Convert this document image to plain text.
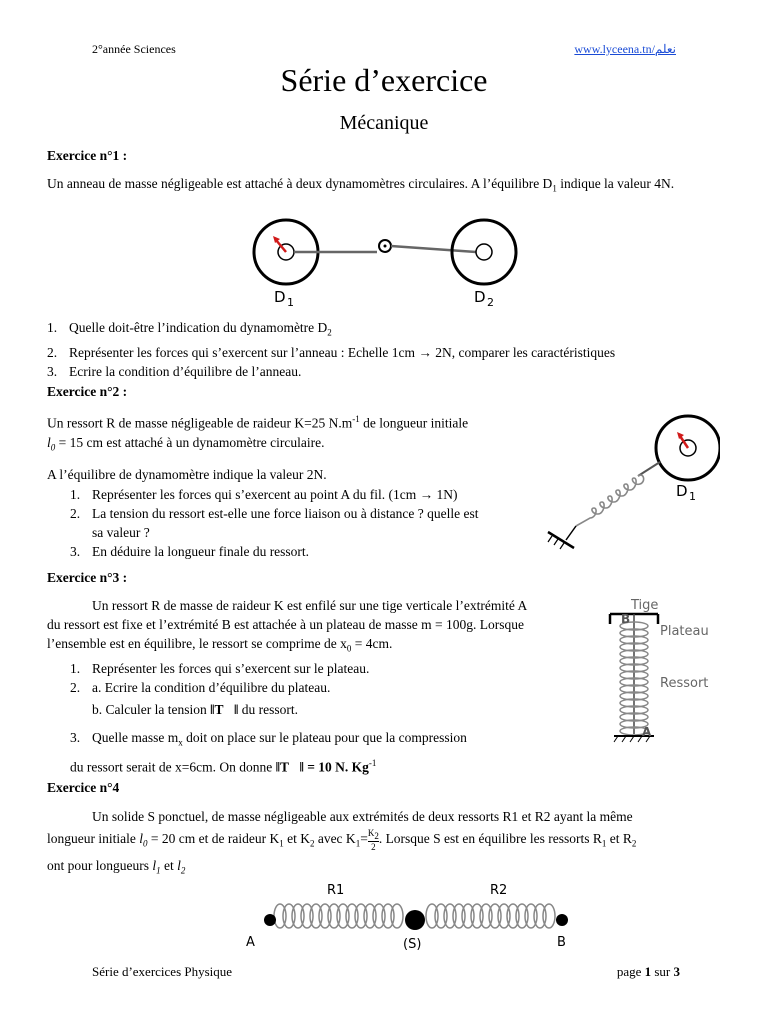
2°année Sciences	www.lyceena.tn/نعلم
Série d’exercice
Mécanique
Exercice n°1 :
Un anneau de masse négligeable est attaché à deux dynamomètres circulaires. A l’équilibre $D_1$ indique la valeur 4N.
D 1	D 2
1. Quelle doit-être l’indication du dynamomètre $D_2$
2. Représenter les forces qui s’exercent sur l’anneau : Echelle 1cm → 2N, comparer les caractéristiques
3. Ecrire la condition d’équilibre de l’anneau.
Exercice n°2 :
Un ressort R de masse négligeable de raideur K=25 $N.m^{-1}$ de longueur initiale
$l_0 = 15$ cm est attaché à un dynamomètre circulaire.
A l’équilibre de dynamomètre indique la valeur 2N.
1. Représenter les forces qui s’exercent au point A du fil. (1cm → 1N)
2. La tension du ressort est-elle une force liaison ou à distance ? quelle est
sa valeur ?
3. En déduire la longueur finale du ressort.
D 1
Exercice n°3 :
Un ressort R de masse de raideur K est enfilé sur une tige verticale l’extrémité A
du ressort est fixe et l’extrémité B est attachée à un plateau de masse m = 100g. Lorsque
l’ensemble est en équilibre, le ressort se comprime de $x_0 = 4cm$.
1. Représenter les forces qui s’exercent sur le plateau.
2. a. Ecrire la condition d’équilibre du plateau.
b. Calculer la tension ‖T⃗‖ du ressort.
3. Quelle masse $m_x$ doit on place sur le plateau pour que la compression
du ressort serait de x=6cm. On donne ‖T⃗‖ = 10 N. $Kg^{-1}$
Tige
B
Plateau
Ressort
A
Exercice n°4
Un solide S ponctuel, de masse négligeable aux extrémités de deux ressorts R1 et R2 ayant la même
longueur initiale $l_0 = 20$ cm et de raideur $K_1$ et $K_2$ avec $K_1= \frac{K_2}{2}$ . Lorsque S est en équilibre les ressorts $R_1$ et $R_2$
ont pour longueurs $l_1$ et $l_2$
R1	R2
A	(S)	B
Série d’exercices Physique	page 1 sur 3
